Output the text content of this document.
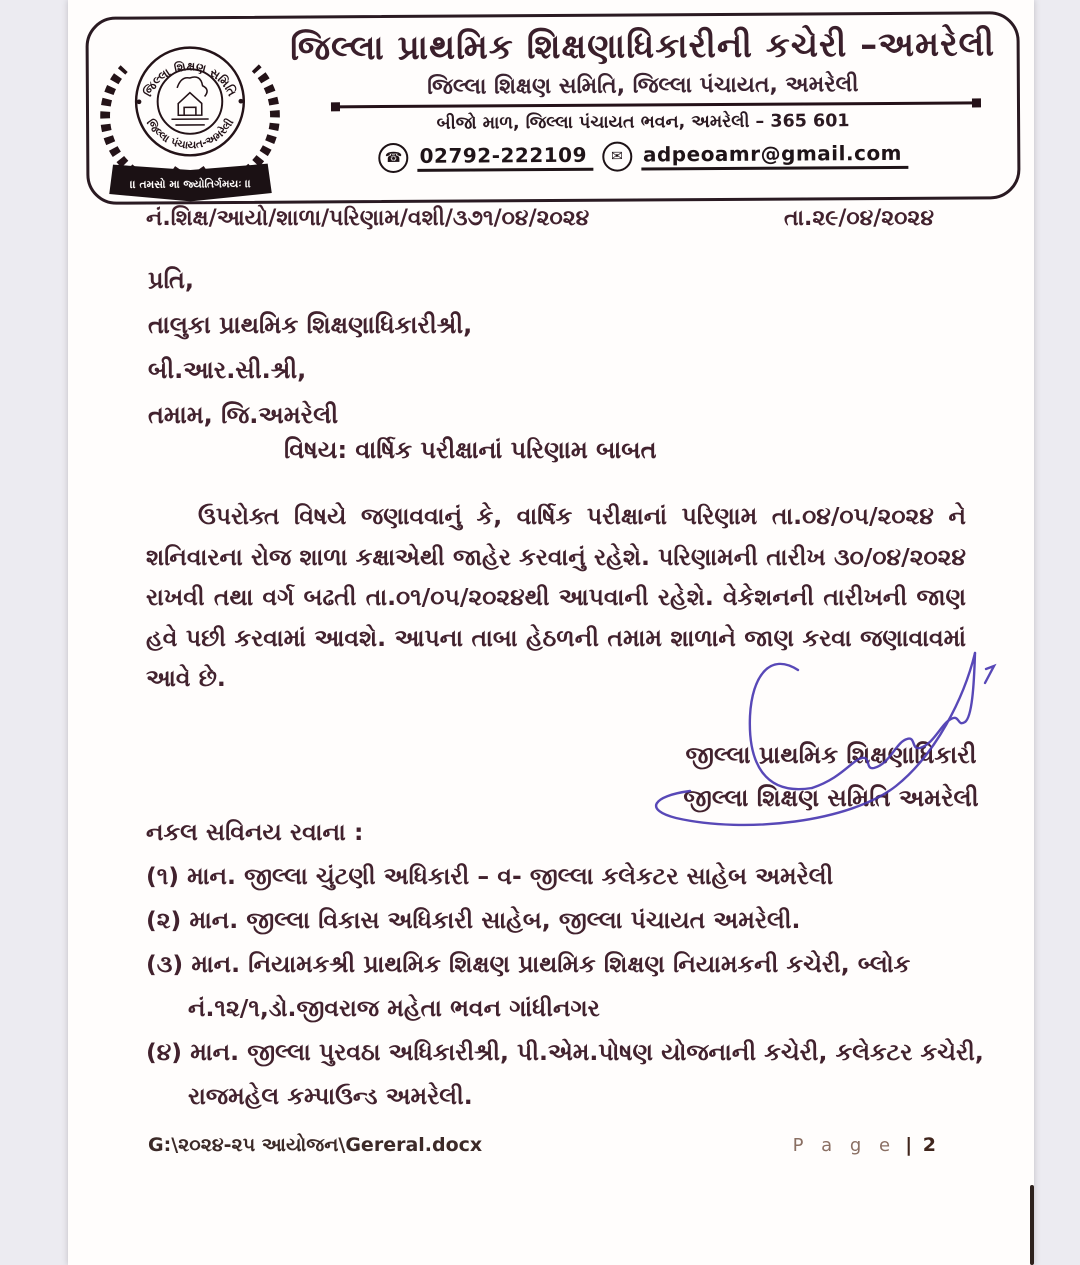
જિલ્લા શિક્ષણ સમિતિ
જિલ્લા પંચાયત-અમરેલી
।। તમસો મા જ્યોતિર્ગમયઃ ।।
જિલ્લા પ્રાથમિક શિક્ષણાધિકારીની કચેરી –અમરેલી
જિલ્લા શિક્ષણ સમિતિ, જિલ્લા પંચાયત, અમરેલી
બીજો માળ, જિલ્લા પંચાયત ભવન, અમરેલી – 365 601
☎ 02792-222109	✉ adpeoamr@gmail.com
નં.શિક્ષ/આયો/શાળા/પરિણામ/વશી/૩૭૧/૦૪/૨૦૨૪	તા.૨૯/૦૪/૨૦૨૪
પ્રતિ,
તાલુકા પ્રાથમિક શિક્ષણાધિકારીશ્રી,
બી.આર.સી.શ્રી,
તમામ, જિ.અમરેલી
વિષય: વાર્ષિક પરીક્ષાનાં પરિણામ બાબત
ઉપરોક્ત વિષયે જણાવવાનું કે, વાર્ષિક પરીક્ષાનાં પરિણામ તા.૦૪/૦૫/૨૦૨૪ ને શનિવારના રોજ શાળા કક્ષાએથી જાહેર કરવાનું રહેશે. પરિણામની તારીખ ૩૦/૦૪/૨૦૨૪ રાખવી તથા વર્ગ બઢતી તા.૦૧/૦૫/૨૦૨૪થી આપવાની રહેશે. વેકેશનની તારીખની જાણ હવે પછી કરવામાં આવશે. આપના તાબા હેઠળની તમામ શાળાને જાણ કરવા જણાવાવમાં આવે છે.
જીલ્લા પ્રાથમિક શિક્ષણાધિકારી
જીલ્લા શિક્ષણ સમિતિ અમરેલી
નકલ સવિનય રવાના :
(૧) માન. જીલ્લા ચુંટણી અધિકારી – વ- જીલ્લા કલેકટર સાહેબ અમરેલી
(૨) માન. જીલ્લા વિકાસ અધિકારી સાહેબ, જીલ્લા પંચાયત અમરેલી.
(૩) માન. નિયામકશ્રી પ્રાથમિક શિક્ષણ પ્રાથમિક શિક્ષણ નિયામકની કચેરી, બ્લોક
નં.૧૨/૧,ડો.જીવરાજ મહેતા ભવન ગાંધીનગર
(૪) માન. જીલ્લા પુરવઠા અધિકારીશ્રી, પી.એમ.પોષણ યોજનાની કચેરી, કલેકટર કચેરી,
રાજમહેલ કમ્પાઉન્ડ અમરેલી.
G:\૨૦૨૪-૨૫ આયોજન\Gereral.docx	P a g e | 2
